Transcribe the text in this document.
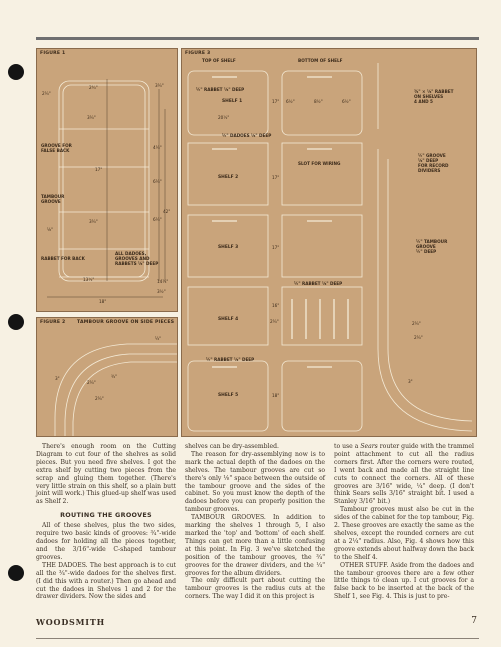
FIGURE 1
GROOVE FOR
FALSE BACK
TAMBOUR
GROOVE
RABBET FOR BACK
ALL DADOES,
GROOVES AND
RABBETS ⅛" DEEP
2¼"
2¾"	3¼"
3¼"
4¼"
6¼"
6¼"
3¼"
17"
42"
14¼"
13½"
18"
3½"
⅛"
FIGURE 2	TAMBOUR GROOVE ON SIDE PIECES
3"
2¼"
2¼"
¼"
¾"
FIGURE 3
TOP OF SHELF	BOTTOM OF SHELF
¼" RABBET ⅛" DEEP
SHELF 1
¼" DADOES ⅛" DEEP
SLOT FOR WIRING
SHELF 2
SHELF 3
¼" RABBET ⅛" DEEP
SHELF 4
¼" RABBET ⅛" DEEP
SHELF 5
⅜" × ⅛" RABBET
ON SHELVES
4 AND 5
¼" GROOVE
⅛" DEEP
FOR RECORD
DIVIDERS
¼" TAMBOUR
GROOVE
¼" DEEP
17"
17"
17"
16"
18"
20½"
6½"	8½"	6½"
2¼"	2¼"
2¼"
3"

There's enough room on the Cutting Diagram to cut four of the shelves as solid pieces. But you need five shelves. I got the extra shelf by cutting two pieces from the scrap and gluing them together. (There's very little strain on this shelf, so a plain butt joint will work.) This glued-up shelf was used as Shelf 2.

ROUTING THE GROOVES

All of these shelves, plus the two sides, require two basic kinds of grooves: ¾"-wide dadoes for holding all the pieces together, and the 3/16"-wide C-shaped tambour grooves.

THE DADOES. The best approach is to cut all the ¾"-wide dadoes for the shelves first. (I did this with a router.) Then go ahead and cut the dadoes in Shelves 1 and 2 for the drawer dividers. Now the sides and

shelves can be dry-assembled.

The reason for dry-assemblying now is to mark the actual depth of the dadoes on the shelves. The tambour grooves are cut so there's only ⅛" space between the outside of the tambour groove and the sides of the cabinet. So you must know the depth of the dadoes before you can properly position the tambour grooves.

TAMBOUR GROOVES. In addition to marking the shelves 1 through 5, I also marked the 'top' and 'bottom' of each shelf. Things can get more than a little confusing at this point. In Fig. 3 we've sketched the position of the tambour grooves, the ¾" grooves for the drawer dividers, and the ¼" grooves for the album dividers.

The only difficult part about cutting the tambour grooves is the radius cuts at the corners. The way I did it on this project is

to use a Sears router guide with the trammel point attachment to cut all the radius corners first. After the corners were routed, I went back and made all the straight line cuts to connect the corners. All of these grooves are 3/16" wide, ¼" deep. (I don't think Sears sells 3/16" straight bit. I used a Stanley 3/16" bit.)

Tambour grooves must also be cut in the sides of the cabinet for the top tambour, Fig. 2. These grooves are exactly the same as the shelves, except the rounded corners are cut at a 2¼" radius. Also, Fig. 4 shows how this groove extends about halfway down the back to the Shelf 4.

OTHER STUFF. Aside from the dadoes and the tambour grooves there are a few other little things to clean up. I cut grooves for a false back to be inserted at the back of the Shelf 1, see Fig. 4. This is just to pre-

WOODSMITH	7
